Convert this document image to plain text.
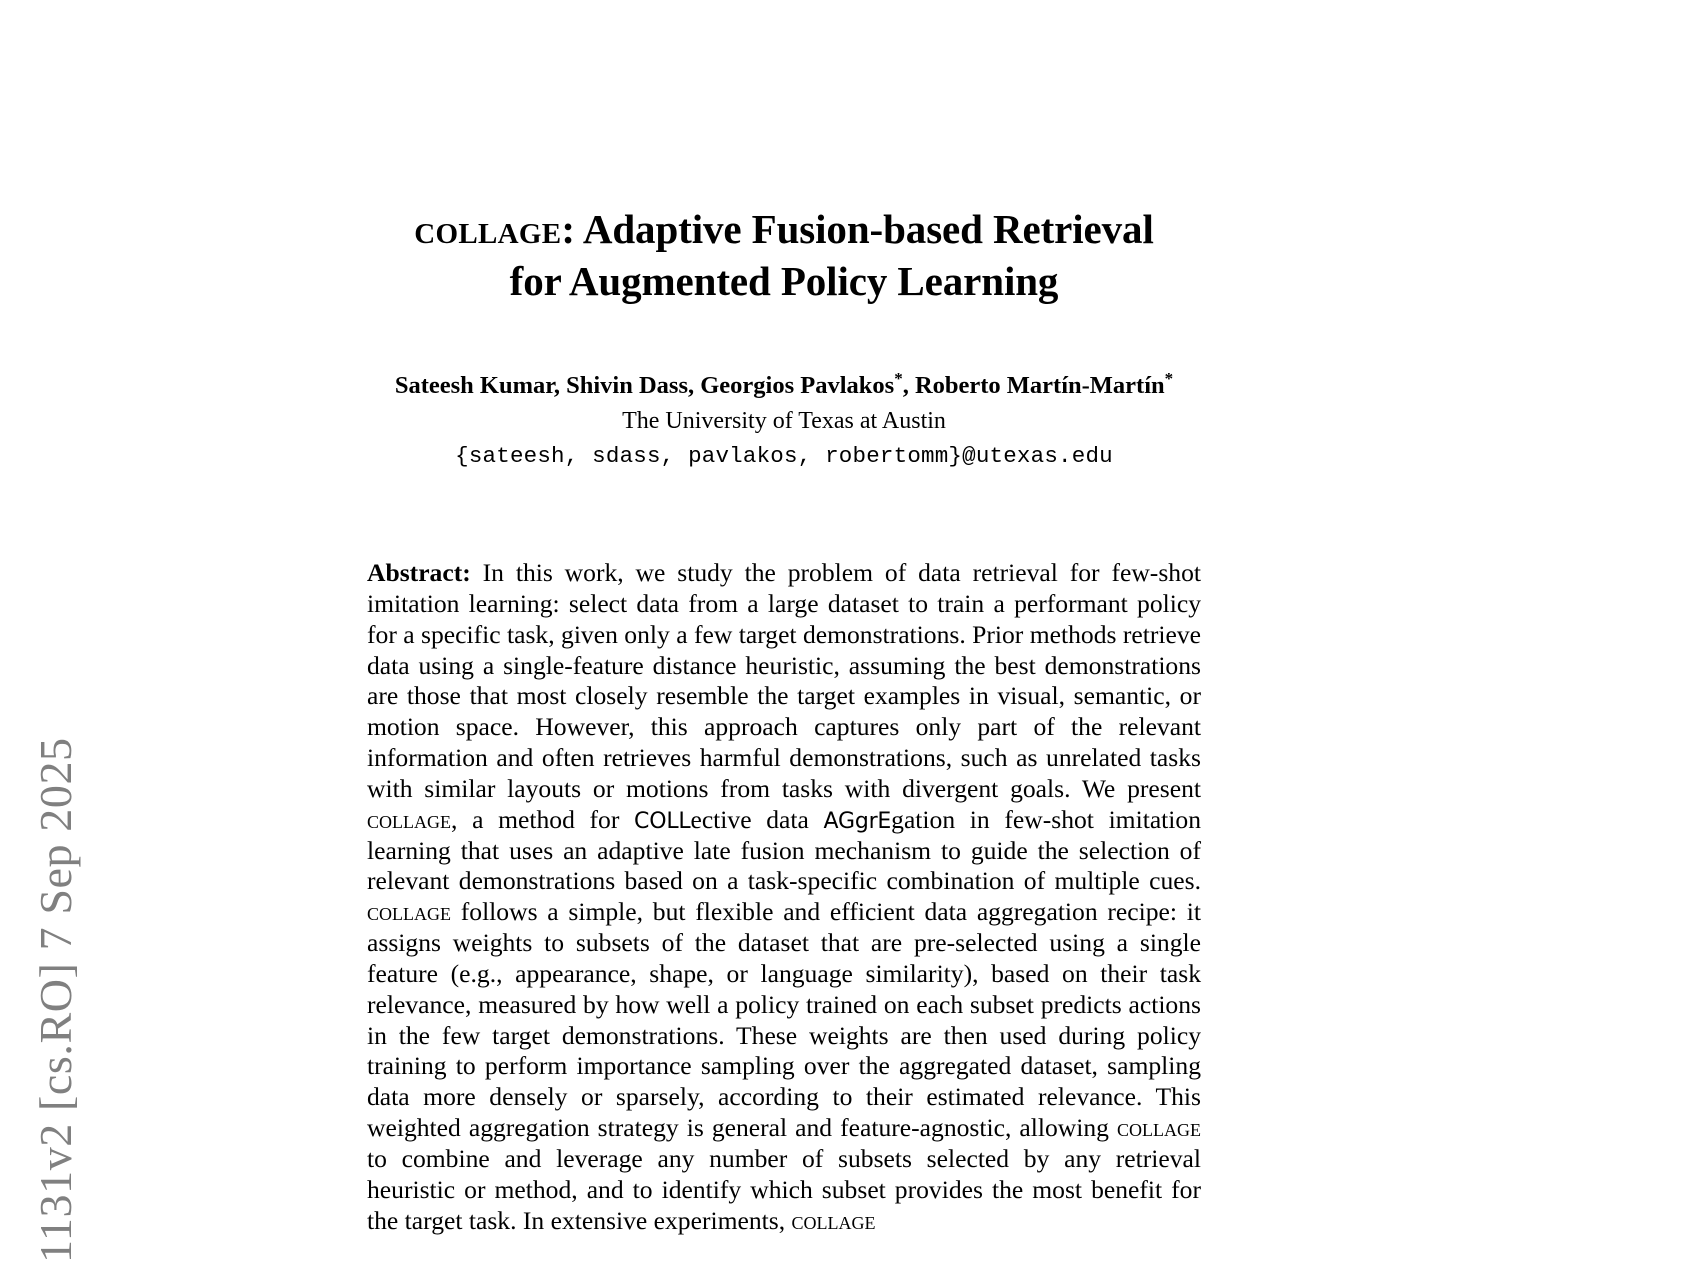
1131v2 [cs.RO] 7 Sep 2025
collage: Adaptive Fusion-based Retrieval
for Augmented Policy Learning

Sateesh Kumar, Shivin Dass, Georgios Pavlakos*, Roberto Martín-Martín*

The University of Texas at Austin

{sateesh, sdass, pavlakos, robertomm}@utexas.edu

Abstract: In this work, we study the problem of data retrieval for few-shot imitation learning: select data from a large dataset to train a performant policy for a specific task, given only a few target demonstrations. Prior methods retrieve data using a single-feature distance heuristic, assuming the best demonstrations are those that most closely resemble the target examples in visual, semantic, or motion space. However, this approach captures only part of the relevant information and often retrieves harmful demonstrations, such as unrelated tasks with similar layouts or motions from tasks with divergent goals. We present collage, a method for COLLective data AGgrEgation in few-shot imitation learning that uses an adaptive late fusion mechanism to guide the selection of relevant demonstrations based on a task-specific combination of multiple cues. collage follows a simple, but flexible and efficient data aggregation recipe: it assigns weights to subsets of the dataset that are pre-selected using a single feature (e.g., appearance, shape, or language similarity), based on their task relevance, measured by how well a policy trained on each subset predicts actions in the few target demonstrations. These weights are then used during policy training to perform importance sampling over the aggregated dataset, sampling data more densely or sparsely, according to their estimated relevance. This weighted aggregation strategy is general and feature-agnostic, allowing collage to combine and leverage any number of subsets selected by any retrieval heuristic or method, and to identify which subset provides the most benefit for the target task. In extensive experiments, collage
